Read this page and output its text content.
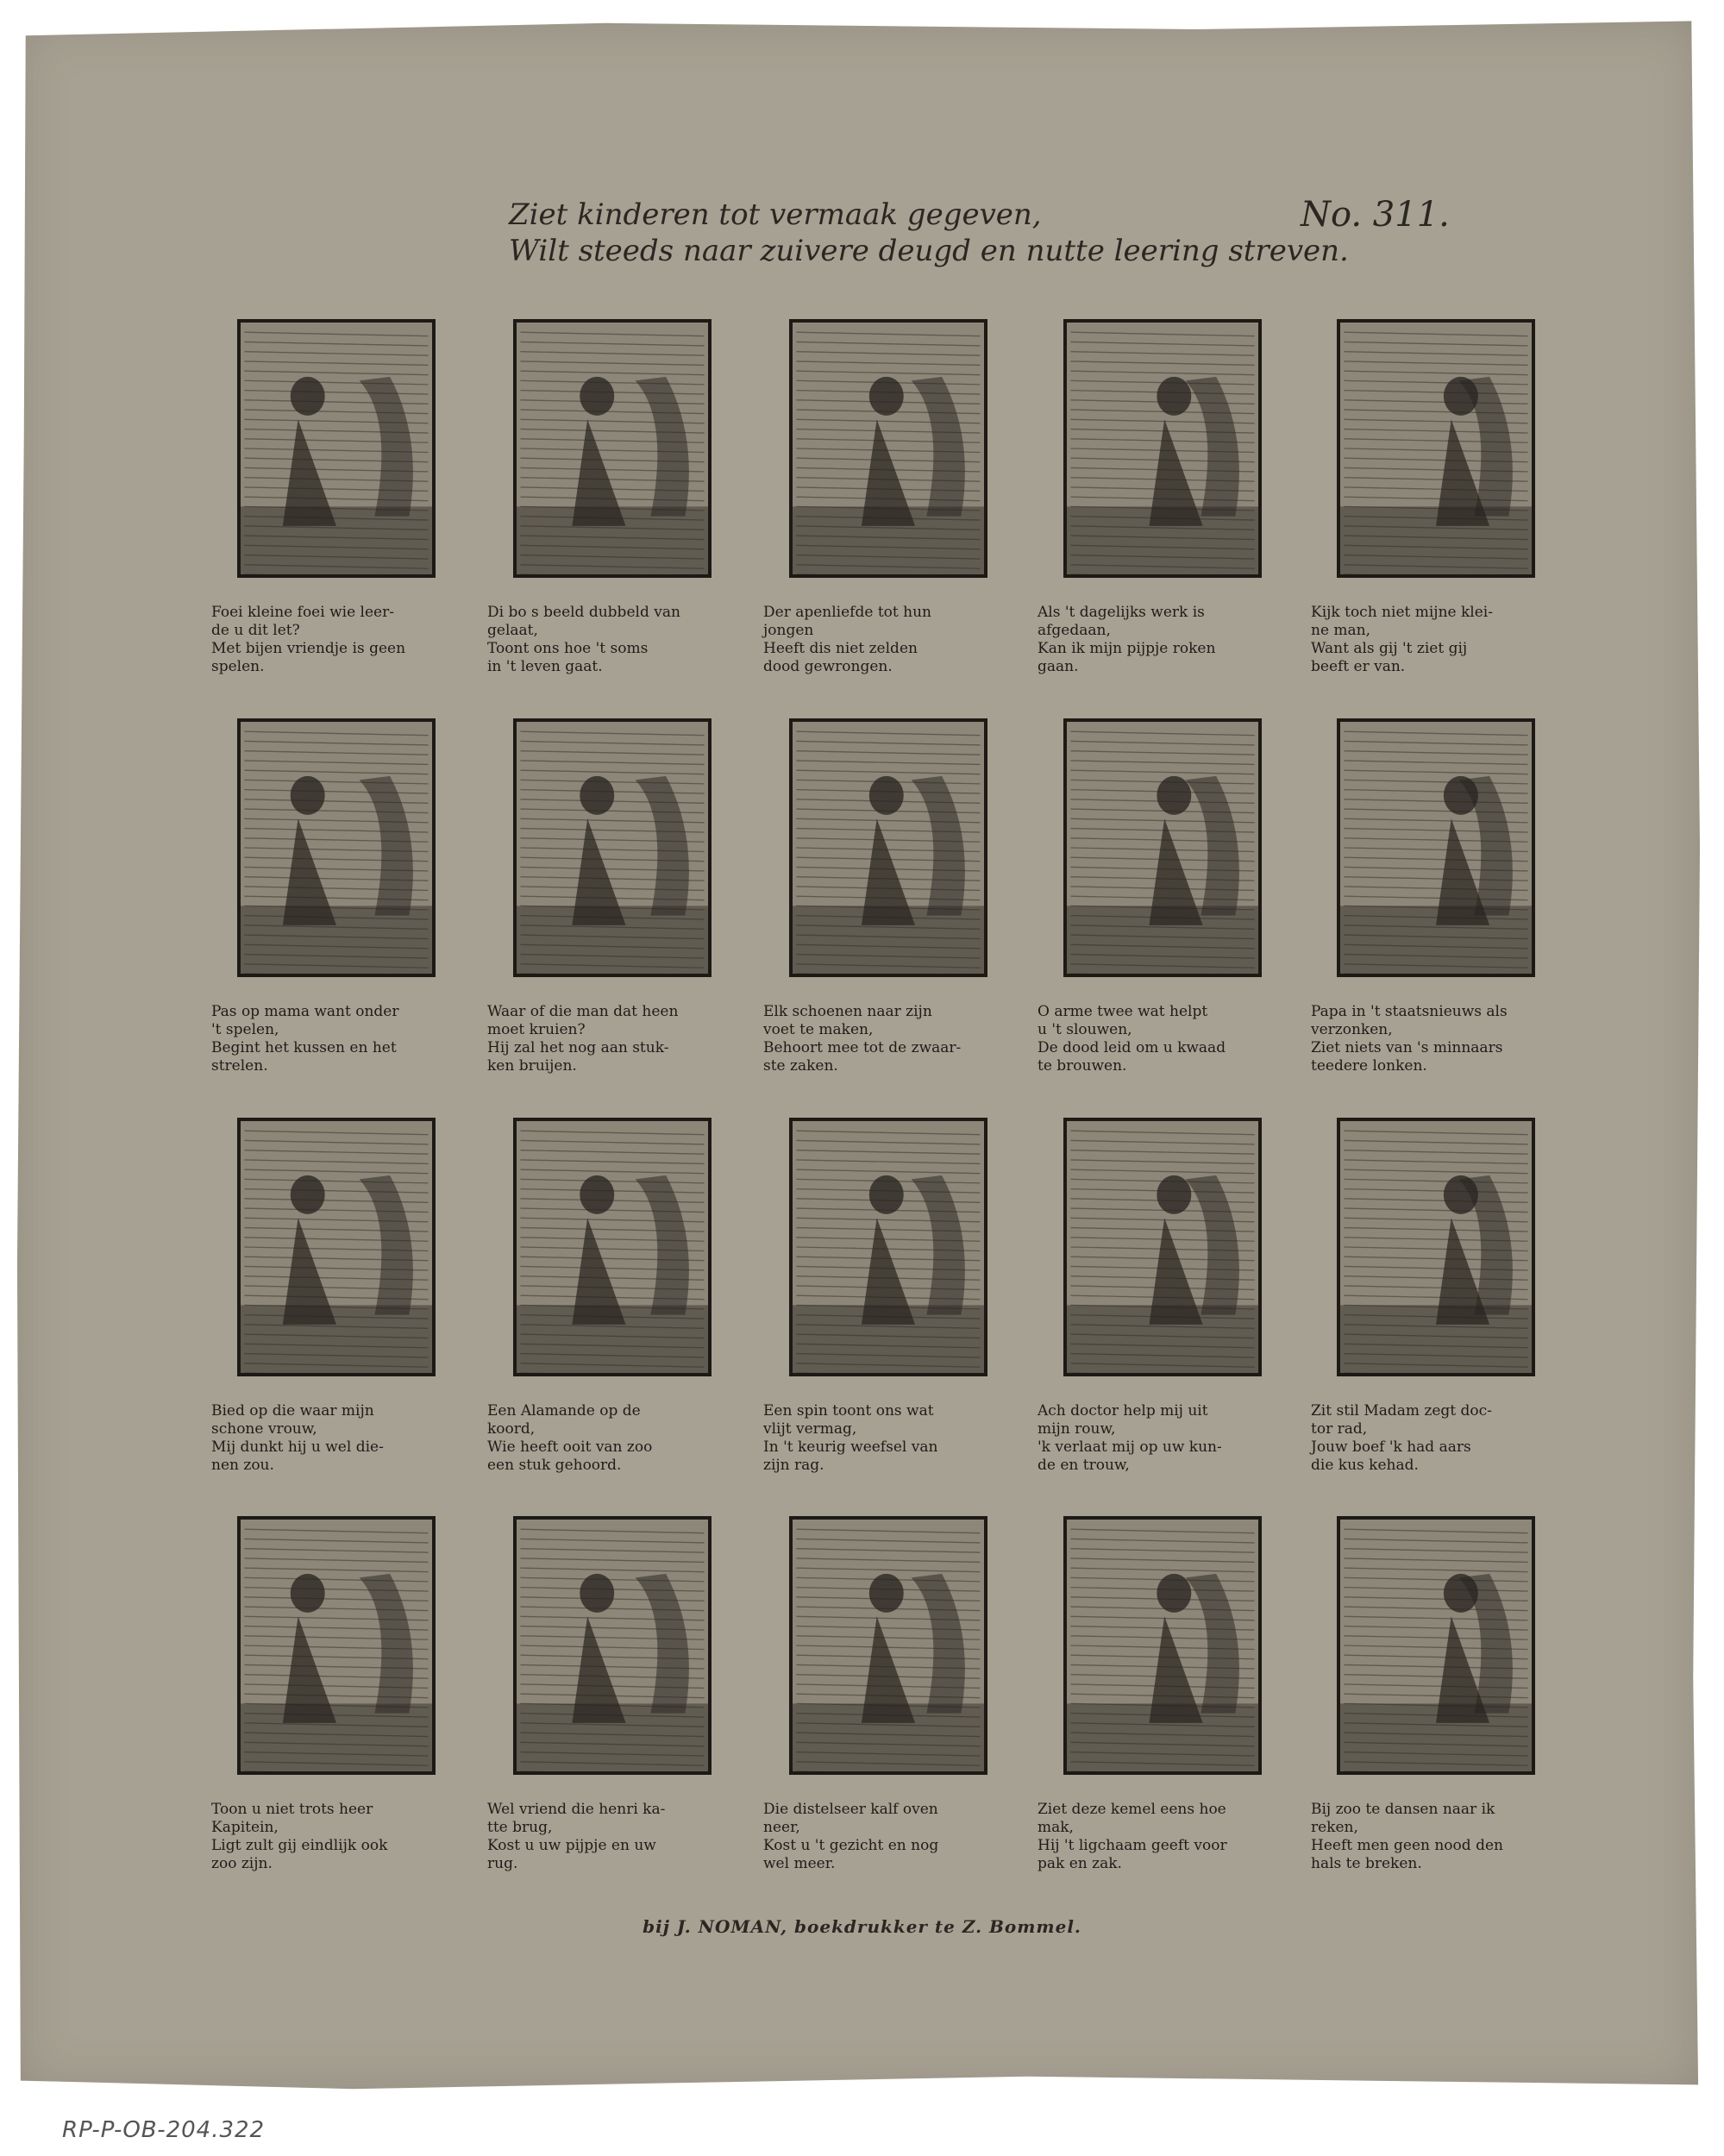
Ziet kinderen tot vermaak gegeven,
Wilt steeds naar zuivere deugd en nutte leering streven.
No. 311.
Foei kleine foei wie leer-
de u dit let?
Met bijen vriendje is geen
spelen.
Di bo s beeld dubbeld van
gelaat,
Toont ons hoe 't soms
in 't leven gaat.
Der apenliefde tot hun
jongen
Heeft dis niet zelden
dood gewrongen.
Als 't dagelijks werk is
afgedaan,
Kan ik mijn pijpje roken
gaan.
Kijk toch niet mijne klei-
ne man,
Want als gij 't ziet gij
beeft er van.
Pas op mama want onder
't spelen,
Begint het kussen en het
strelen.
Waar of die man dat heen
moet kruien?
Hij zal het nog aan stuk-
ken bruijen.
Elk schoenen naar zijn
voet te maken,
Behoort mee tot de zwaar-
ste zaken.
O arme twee wat helpt
u 't slouwen,
De dood leid om u kwaad
te brouwen.
Papa in 't staatsnieuws als
verzonken,
Ziet niets van 's minnaars
teedere lonken.
Bied op die waar mijn
schone vrouw,
Mij dunkt hij u wel die-
nen zou.
Een Alamande op de
koord,
Wie heeft ooit van zoo
een stuk gehoord.
Een spin toont ons wat
vlijt vermag,
In 't keurig weefsel van
zijn rag.
Ach doctor help mij uit
mijn rouw,
'k verlaat mij op uw kun-
de en trouw,
Zit stil Madam zegt doc-
tor rad,
Jouw boef 'k had aars
die kus kehad.
Toon u niet trots heer
Kapitein,
Ligt zult gij eindlijk ook
zoo zijn.
Wel vriend die henri ka-
tte brug,
Kost u uw pijpje en uw
rug.
Die distelseer kalf oven
neer,
Kost u 't gezicht en nog
wel meer.
Ziet deze kemel eens hoe
mak,
Hij 't ligchaam geeft voor
pak en zak.
Bij zoo te dansen naar ik
reken,
Heeft men geen nood den
hals te breken.
bij J. NOMAN, boekdrukker te Z. Bommel.
RP-P-OB-204.322
